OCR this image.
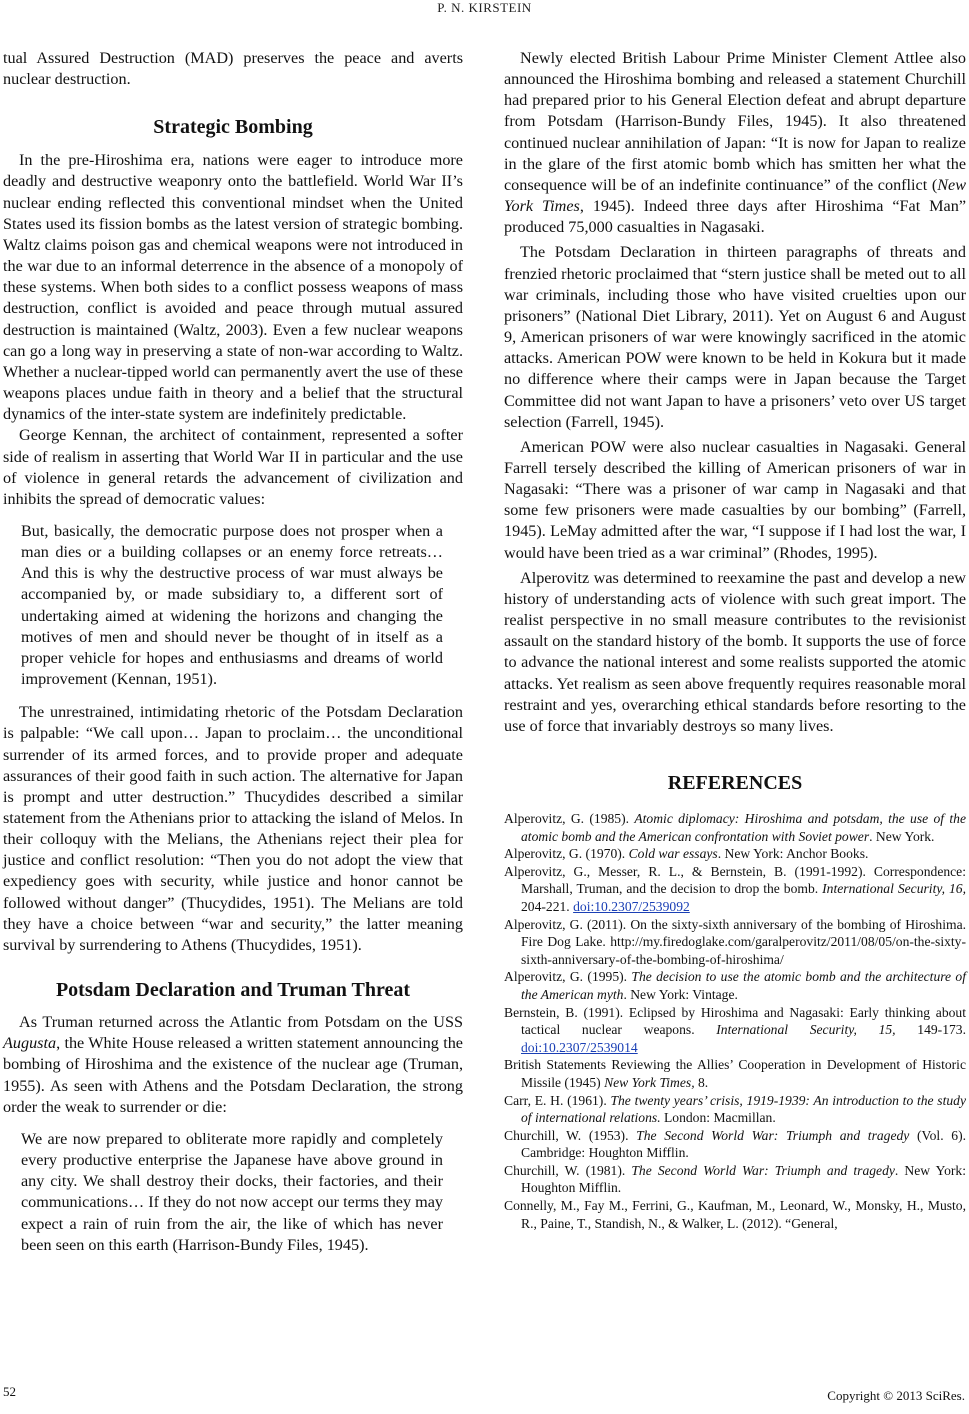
P. N. KIRSTEIN

tual Assured Destruction (MAD) preserves the peace and averts nuclear destruction.

Strategic Bombing

In the pre-Hiroshima era, nations were eager to introduce more deadly and destructive weaponry onto the battlefield. World War II’s nuclear ending reflected this conventional mindset when the United States used its fission bombs as the latest version of strategic bombing. Waltz claims poison gas and chemical weapons were not introduced in the war due to an informal deterrence in the absence of a monopoly of these systems. When both sides to a conflict possess weapons of mass destruction, conflict is avoided and peace through mutual assured destruction is maintained (Waltz, 2003). Even a few nuclear weapons can go a long way in preserving a state of non-war according to Waltz. Whether a nuclear-tipped world can permanently avert the use of these weapons places undue faith in theory and a belief that the structural dynamics of the inter-state system are indefinitely predictable.

George Kennan, the architect of containment, represented a softer side of realism in asserting that World War II in particular and the use of violence in general retards the advancement of civilization and inhibits the spread of democratic values:

But, basically, the democratic purpose does not prosper when a man dies or a building collapses or an enemy force retreats… And this is why the destructive process of war must always be accompanied by, or made subsidiary to, a different sort of undertaking aimed at widening the horizons and changing the motives of men and should never be thought of in itself as a proper vehicle for hopes and enthusiasms and dreams of world improvement (Kennan, 1951).

The unrestrained, intimidating rhetoric of the Potsdam Declaration is palpable: “We call upon… Japan to proclaim… the unconditional surrender of its armed forces, and to provide proper and adequate assurances of their good faith in such action. The alternative for Japan is prompt and utter destruction.” Thucydides described a similar statement from the Athenians prior to attacking the island of Melos. In their colloquy with the Melians, the Athenians reject their plea for justice and conflict resolution: “Then you do not adopt the view that expediency goes with security, while justice and honor cannot be followed without danger” (Thucydides, 1951). The Melians are told they have a choice between “war and security,” the latter meaning survival by surrendering to Athens (Thucydides, 1951).

Potsdam Declaration and Truman Threat

As Truman returned across the Atlantic from Potsdam on the USS Augusta, the White House released a written statement announcing the bombing of Hiroshima and the existence of the nuclear age (Truman, 1955). As seen with Athens and the Potsdam Declaration, the strong order the weak to surrender or die:

We are now prepared to obliterate more rapidly and completely every productive enterprise the Japanese have above ground in any city. We shall destroy their docks, their factories, and their communications… If they do not now accept our terms they may expect a rain of ruin from the air, the like of which has never been seen on this earth (Harrison-Bundy Files, 1945).

Newly elected British Labour Prime Minister Clement Attlee also announced the Hiroshima bombing and released a statement Churchill had prepared prior to his General Election defeat and abrupt departure from Potsdam (Harrison-Bundy Files, 1945). It also threatened continued nuclear annihilation of Japan: “It is now for Japan to realize in the glare of the first atomic bomb which has smitten her what the consequence will be of an indefinite continuance” of the conflict (New York Times, 1945). Indeed three days after Hiroshima “Fat Man” produced 75,000 casualties in Nagasaki.

The Potsdam Declaration in thirteen paragraphs of threats and frenzied rhetoric proclaimed that “stern justice shall be meted out to all war criminals, including those who have visited cruelties upon our prisoners” (National Diet Library, 2011). Yet on August 6 and August 9, American prisoners of war were knowingly sacrificed in the atomic attacks. American POW were known to be held in Kokura but it made no difference where their camps were in Japan because the Target Committee did not want Japan to have a prisoners’ veto over US target selection (Farrell, 1945).

American POW were also nuclear casualties in Nagasaki. General Farrell tersely described the killing of American prisoners of war in Nagasaki: “There was a prisoner of war camp in Nagasaki and that some few prisoners were made casualties by our bombing” (Farrell, 1945). LeMay admitted after the war, “I suppose if I had lost the war, I would have been tried as a war criminal” (Rhodes, 1995).

Alperovitz was determined to reexamine the past and develop a new history of understanding acts of violence with such great import. The realist perspective in no small measure contributes to the revisionist assault on the standard history of the bomb. It supports the use of force to advance the national interest and some realists supported the atomic attacks. Yet realism as seen above frequently requires reasonable moral restraint and yes, overarching ethical standards before resorting to the use of force that invariably destroys so many lives.

REFERENCES

Alperovitz, G. (1985). Atomic diplomacy: Hiroshima and potsdam, the use of the atomic bomb and the American confrontation with Soviet power. New York.

Alperovitz, G. (1970). Cold war essays. New York: Anchor Books.

Alperovitz, G., Messer, R. L., & Bernstein, B. (1991-1992). Correspondence: Marshall, Truman, and the decision to drop the bomb. International Security, 16, 204-221. doi:10.2307/2539092

Alperovitz, G. (2011). On the sixty-sixth anniversary of the bombing of Hiroshima. Fire Dog Lake. http://my.firedoglake.com/garalperovitz/2011/08/05/on-the-sixty-sixth-anniversary-of-the-bombing-of-hiroshima/

Alperovitz, G. (1995). The decision to use the atomic bomb and the architecture of the American myth. New York: Vintage.

Bernstein, B. (1991). Eclipsed by Hiroshima and Nagasaki: Early thinking about tactical nuclear weapons. International Security, 15, 149-173. doi:10.2307/2539014

British Statements Reviewing the Allies’ Cooperation in Development of Historic Missile (1945) New York Times, 8.

Carr, E. H. (1961). The twenty years’ crisis, 1919-1939: An introduction to the study of international relations. London: Macmillan.

Churchill, W. (1953). The Second World War: Triumph and tragedy (Vol. 6). Cambridge: Houghton Mifflin.

Churchill, W. (1981). The Second World War: Triumph and tragedy. New York: Houghton Mifflin.

Connelly, M., Fay M., Ferrini, G., Kaufman, M., Leonard, W., Monsky, H., Musto, R., Paine, T., Standish, N., & Walker, L. (2012). “General,

52	Copyright © 2013 SciRes.
